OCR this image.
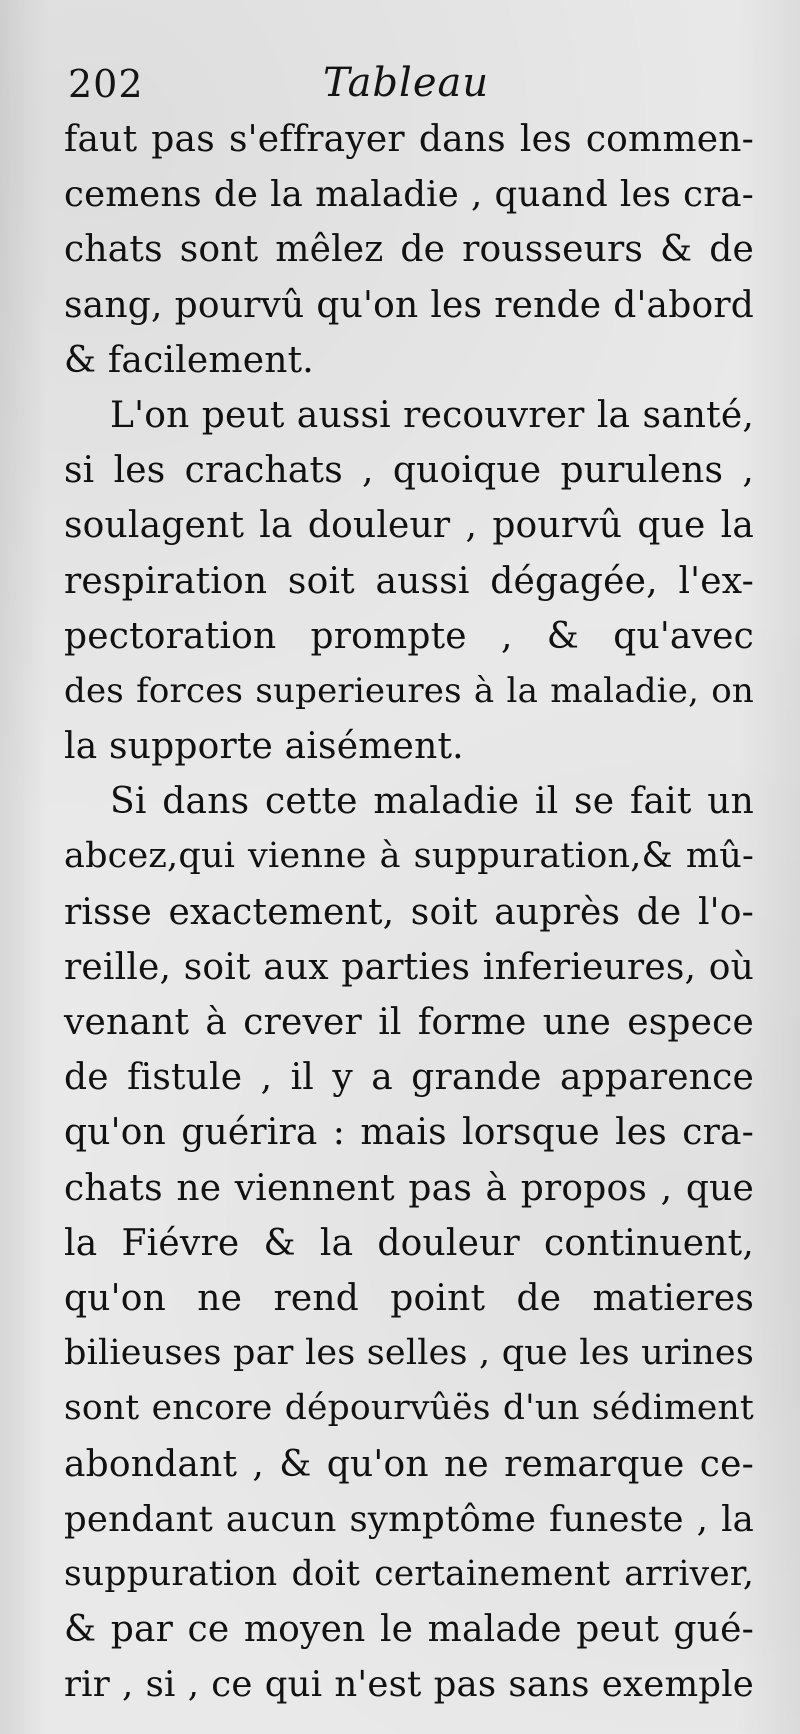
202	Tableau
faut pas s'effrayer dans les commen-
cemens de la maladie , quand les cra-
chats sont mêlez de rousseurs & de
sang, pourvû qu'on les rende d'abord
& facilement.
L'on peut aussi recouvrer la santé,
si les crachats , quoique purulens ,
soulagent la douleur , pourvû que la
respiration soit aussi dégagée, l'ex-
pectoration prompte , & qu'avec
des forces superieures à la maladie, on
la supporte aisément.
Si dans cette maladie il se fait un
abcez,qui vienne à suppuration,& mû-
risse exactement, soit auprès de l'o-
reille, soit aux parties inferieures, où
venant à crever il forme une espece
de fistule , il y a grande apparence
qu'on guérira : mais lorsque les cra-
chats ne viennent pas à propos , que
la Fiévre & la douleur continuent,
qu'on ne rend point de matieres
bilieuses par les selles , que les urines
sont encore dépourvûës d'un sédiment
abondant , & qu'on ne remarque ce-
pendant aucun symptôme funeste , la
suppuration doit certainement arriver,
& par ce moyen le malade peut gué-
rir , si , ce qui n'est pas sans exemple
